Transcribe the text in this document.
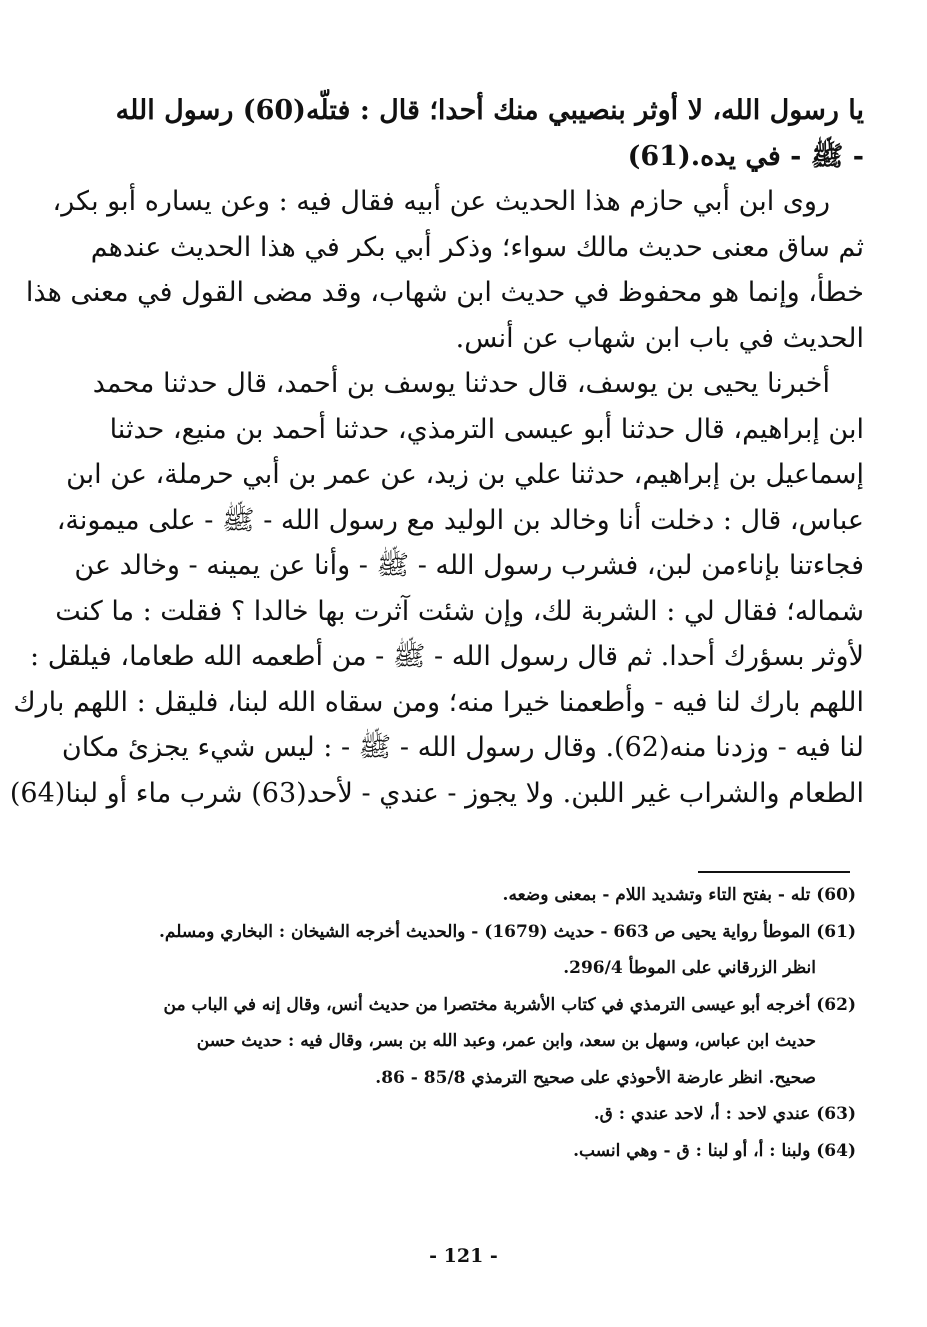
يا رسول الله، لا أوثر بنصيبي منك أحدا؛ قال : فتلّه(60) رسول الله
- ﷺ - في يده.(61)
روى ابن أبي حازم هذا الحديث عن أبيه فقال فيه : وعن يساره أبو بكر،
ثم ساق معنى حديث مالك سواء؛ وذكر أبي بكر في هذا الحديث عندهم
خطأ، وإنما هو محفوظ في حديث ابن شهاب، وقد مضى القول في معنى هذا
الحديث في باب ابن شهاب عن أنس.
أخبرنا يحيى بن يوسف، قال حدثنا يوسف بن أحمد، قال حدثنا محمد
ابن إبراهيم، قال حدثنا أبو عيسى الترمذي، حدثنا أحمد بن منيع، حدثنا
إسماعيل بن إبراهيم، حدثنا علي بن زيد، عن عمر بن أبي حرملة، عن ابن
عباس، قال : دخلت أنا وخالد بن الوليد مع رسول الله - ﷺ - على ميمونة،
فجاءتنا بإناءمن لبن، فشرب رسول الله - ﷺ - وأنا عن يمينه - وخالد عن
شماله؛ فقال لي : الشربة لك، وإن شئت آثرت بها خالدا ؟ فقلت : ما كنت
لأوثر بسؤرك أحدا. ثم قال رسول الله - ﷺ - من أطعمه الله طعاما، فيلقل :
اللهم بارك لنا فيه - وأطعمنا خيرا منه؛ ومن سقاه الله لبنا، فليقل : اللهم بارك
لنا فيه - وزدنا منه(62). وقال رسول الله - ﷺ - : ليس شيء يجزئ مكان
الطعام والشراب غير اللبن. ولا يجوز - عندي - لأحد(63) شرب ماء أو لبنا(64)
(60) تله - بفتح التاء وتشديد اللام - بمعنى وضعه.
(61) الموطأ رواية يحيى ص 663 - حديث (1679) - والحديث أخرجه الشيخان : البخاري ومسلم.
انظر الزرقاني على الموطأ 296/4.
(62) أخرجه أبو عيسى الترمذي في كتاب الأشربة مختصرا من حديث أنس، وقال إنه في الباب من
حديث ابن عباس، وسهل بن سعد، وابن عمر، وعبد الله بن بسر، وقال فيه : حديث حسن
صحيح. انظر عارضة الأحوذي على صحيح الترمذي 85/8 - 86.
(63) عندي لاحد : أ، لاحد عندي : ق.
(64) ولبنا : أ، أو لبنا : ق - وهي انسب.
- 121 -
